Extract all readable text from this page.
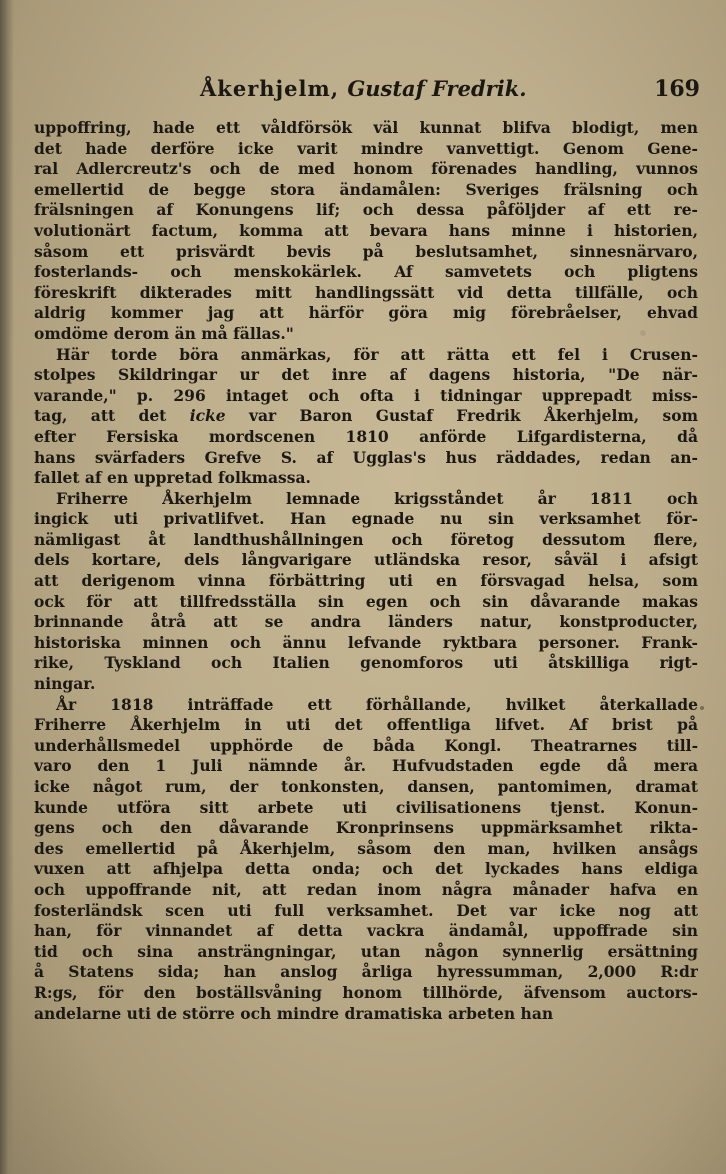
Åkerhjelm, Gustaf Fredrik.	169
uppoffring, hade ett våldförsök väl kunnat blifva blodigt, men
det hade derföre icke varit mindre vanvettigt. Genom Gene-
ral Adlercreutz's och de med honom förenades handling, vunnos
emellertid de begge stora ändamålen: Sveriges frälsning och
frälsningen af Konungens lif; och dessa påföljder af ett re-
volutionärt factum, komma att bevara hans minne i historien,
såsom ett prisvärdt bevis på beslutsamhet, sinnesnärvaro,
fosterlands- och menskokärlek. Af samvetets och pligtens
föreskrift dikterades mitt handlingssätt vid detta tillfälle, och
aldrig kommer jag att härför göra mig förebråelser, ehvad
omdöme derom än må fällas."
Här torde böra anmärkas, för att rätta ett fel i Crusen-
stolpes Skildringar ur det inre af dagens historia, "De när-
varande," p. 296 intaget och ofta i tidningar upprepadt miss-
tag, att det icke var Baron Gustaf Fredrik Åkerhjelm, som
efter Fersiska mordscenen 1810 anförde Lifgardisterna, då
hans svärfaders Grefve S. af Ugglas's hus räddades, redan an-
fallet af en uppretad folkmassa.
Friherre Åkerhjelm lemnade krigsståndet år 1811 och
ingick uti privatlifvet. Han egnade nu sin verksamhet för-
nämligast åt landthushållningen och företog dessutom flere,
dels kortare, dels långvarigare utländska resor, såväl i afsigt
att derigenom vinna förbättring uti en försvagad helsa, som
ock för att tillfredsställa sin egen och sin dåvarande makas
brinnande åtrå att se andra länders natur, konstproducter,
historiska minnen och ännu lefvande ryktbara personer. Frank-
rike, Tyskland och Italien genomforos uti åtskilliga rigt-
ningar.
År 1818 inträffade ett förhållande, hvilket återkallade
Friherre Åkerhjelm in uti det offentliga lifvet. Af brist på
underhållsmedel upphörde de båda Kongl. Theatrarnes till-
varo den 1 Juli nämnde år. Hufvudstaden egde då mera
icke något rum, der tonkonsten, dansen, pantomimen, dramat
kunde utföra sitt arbete uti civilisationens tjenst. Konun-
gens och den dåvarande Kronprinsens uppmärksamhet rikta-
des emellertid på Åkerhjelm, såsom den man, hvilken ansågs
vuxen att afhjelpa detta onda; och det lyckades hans eldiga
och uppoffrande nit, att redan inom några månader hafva en
fosterländsk scen uti full verksamhet. Det var icke nog att
han, för vinnandet af detta vackra ändamål, uppoffrade sin
tid och sina ansträngningar, utan någon synnerlig ersättning
å Statens sida; han anslog årliga hyressumman, 2,000 R:dr
R:gs, för den boställsvåning honom tillhörde, äfvensom auctors-
andelarne uti de större och mindre dramatiska arbeten han
